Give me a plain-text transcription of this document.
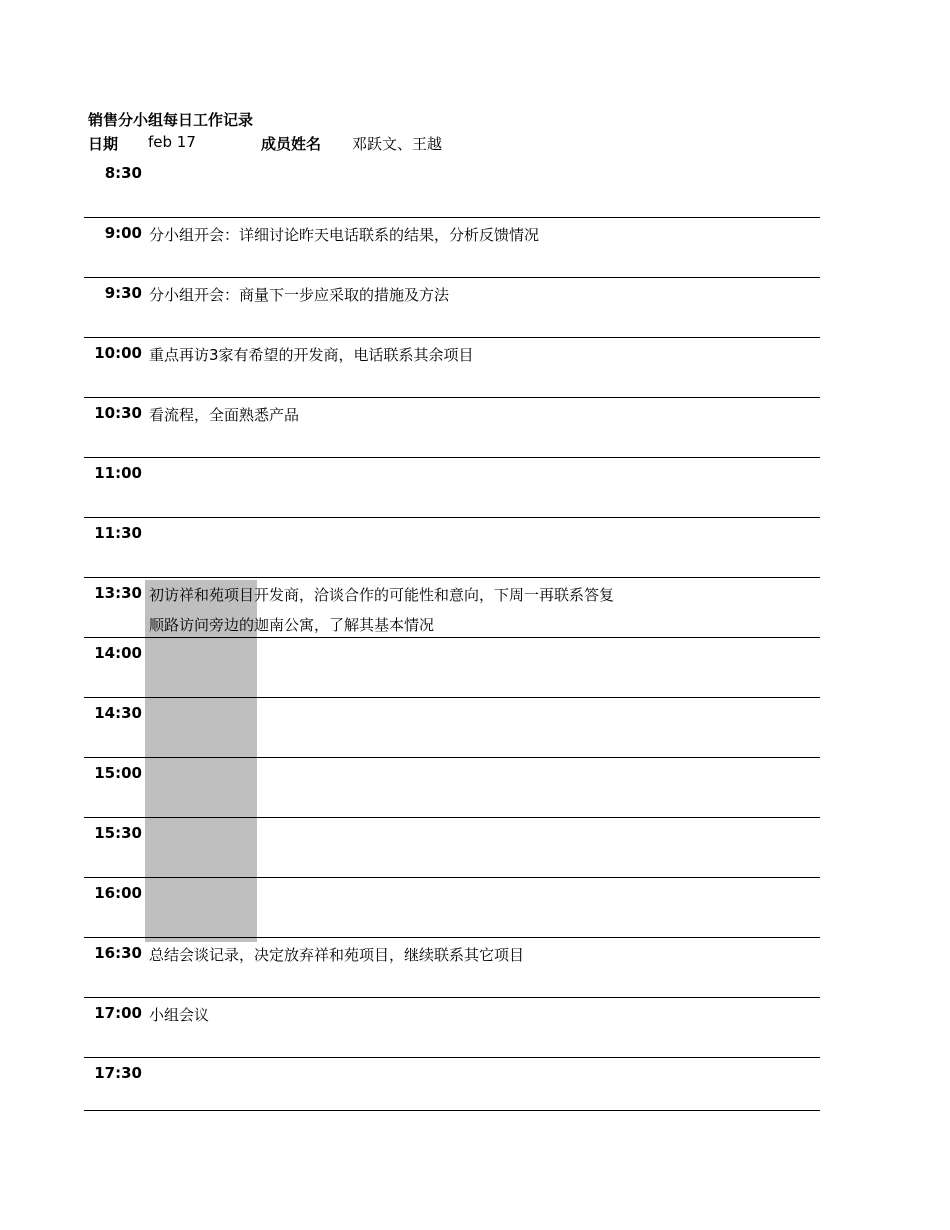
销售分小组每日工作记录
日期 feb 17	成员姓名 邓跃文、王越
8:30
9:00 分小组开会：详细讨论昨天电话联系的结果，分析反馈情况
9:30 分小组开会：商量下一步应采取的措施及方法
10:00 重点再访3家有希望的开发商，电话联系其余项目
10:30 看流程，全面熟悉产品
11:00
11:30
13:30 初访祥和苑项目开发商，洽谈合作的可能性和意向，下周一再联系答复
顺路访问旁边的迦南公寓，了解其基本情况
14:00
14:30
15:00
15:30
16:00
16:30 总结会谈记录，决定放弃祥和苑项目，继续联系其它项目
17:00 小组会议
17:30
